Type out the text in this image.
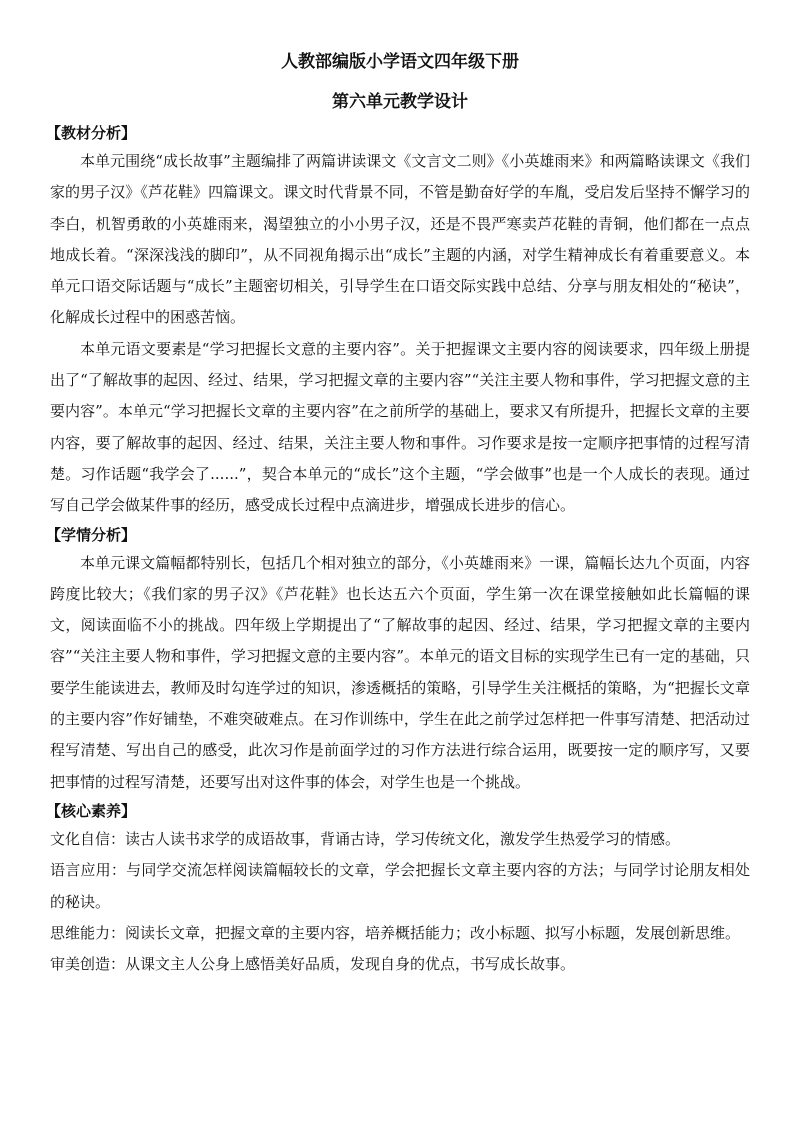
人教部编版小学语文四年级下册
第六单元教学设计
【教材分析】

本单元围绕“成长故事”主题编排了两篇讲读课文《文言文二则》《小英雄雨来》和两篇略读课文《我们家的男子汉》《芦花鞋》四篇课文。课文时代背景不同，不管是勤奋好学的车胤，受启发后坚持不懈学习的李白，机智勇敢的小英雄雨来，渴望独立的小小男子汉，还是不畏严寒卖芦花鞋的青铜，他们都在一点点地成长着。“深深浅浅的脚印”，从不同视角揭示出“成长”主题的内涵，对学生精神成长有着重要意义。本单元口语交际话题与“成长”主题密切相关，引导学生在口语交际实践中总结、分享与朋友相处的“秘诀”，化解成长过程中的困惑苦恼。

本单元语文要素是“学习把握长文意的主要内容”。关于把握课文主要内容的阅读要求，四年级上册提出了“了解故事的起因、经过、结果，学习把握文章的主要内容”“关注主要人物和事件，学习把握文意的主要内容”。本单元“学习把握长文章的主要内容”在之前所学的基础上，要求又有所提升，把握长文章的主要内容，要了解故事的起因、经过、结果，关注主要人物和事件。习作要求是按一定顺序把事情的过程写清楚。习作话题“我学会了......”，契合本单元的“成长”这个主题，“学会做事”也是一个人成长的表现。通过写自己学会做某件事的经历，感受成长过程中点滴进步，增强成长进步的信心。

【学情分析】

本单元课文篇幅都特别长，包括几个相对独立的部分，《小英雄雨来》一课，篇幅长达九个页面，内容跨度比较大；《我们家的男子汉》《芦花鞋》也长达五六个页面，学生第一次在课堂接触如此长篇幅的课文，阅读面临不小的挑战。四年级上学期提出了“了解故事的起因、经过、结果，学习把握文章的主要内容”“关注主要人物和事件，学习把握文意的主要内容”。本单元的语文目标的实现学生已有一定的基础，只要学生能读进去，教师及时勾连学过的知识，渗透概括的策略，引导学生关注概括的策略，为“把握长文章的主要内容”作好铺垫，不难突破难点。在习作训练中，学生在此之前学过怎样把一件事写清楚、把活动过程写清楚、写出自己的感受，此次习作是前面学过的习作方法进行综合运用，既要按一定的顺序写，又要把事情的过程写清楚，还要写出对这件事的体会，对学生也是一个挑战。

【核心素养】

文化自信：读古人读书求学的成语故事，背诵古诗，学习传统文化，激发学生热爱学习的情感。

语言应用：与同学交流怎样阅读篇幅较长的文章，学会把握长文章主要内容的方法；与同学讨论朋友相处的秘诀。

思维能力：阅读长文章，把握文章的主要内容，培养概括能力；改小标题、拟写小标题，发展创新思维。

审美创造：从课文主人公身上感悟美好品质，发现自身的优点，书写成长故事。
